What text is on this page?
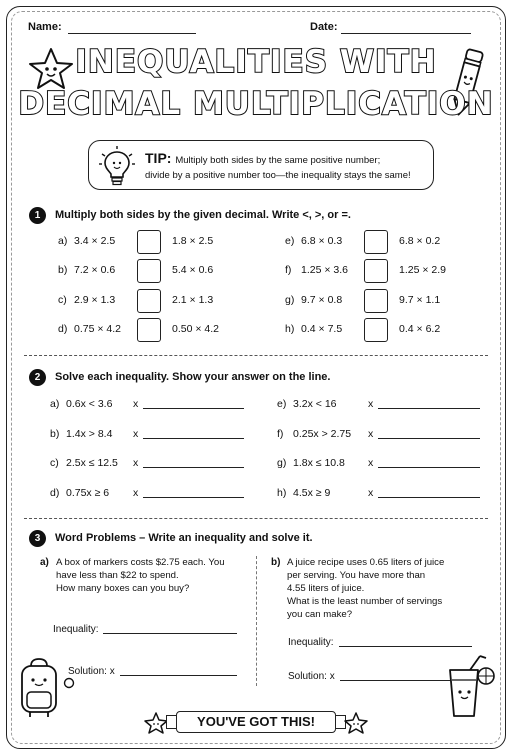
Name:	Date:
INEQUALITIES WITH
DECIMAL MULTIPLICATION
TIP: Multiply both sides by the same positive number;
divide by a positive number too—the inequality stays the same!
1	Multiply both sides by the given decimal. Write <, >, or =.
a) 3.4 × 2.5	1.8 × 2.5
b) 7.2 × 0.6	5.4 × 0.6
c) 2.9 × 1.3	2.1 × 1.3
d) 0.75 × 4.2	0.50 × 4.2
e) 6.8 × 0.3	6.8 × 0.2
f) 1.25 × 3.6	1.25 × 2.9
g) 9.7 × 0.8	9.7 × 1.1
h) 0.4 × 7.5	0.4 × 6.2
2	Solve each inequality. Show your answer on the line.
a) 0.6x < 3.6 x
b) 1.4x > 8.4 x
c) 2.5x ≤ 12.5 x
d) 0.75x ≥ 6 x
e) 3.2x < 16	x
f) 0.25x > 2.75 x
g) 1.8x ≤ 10.8 x
h) 4.5x ≥ 9	x
3	Word Problems – Write an inequality and solve it.
a) A box of markers costs $2.75 each. You
have less than $22 to spend.
How many boxes can you buy?
Inequality:
Solution: x
b) A juice recipe uses 0.65 liters of juice
per serving. You have more than
4.55 liters of juice.
What is the least number of servings
you can make?
Inequality:
Solution: x
YOU'VE GOT THIS!
